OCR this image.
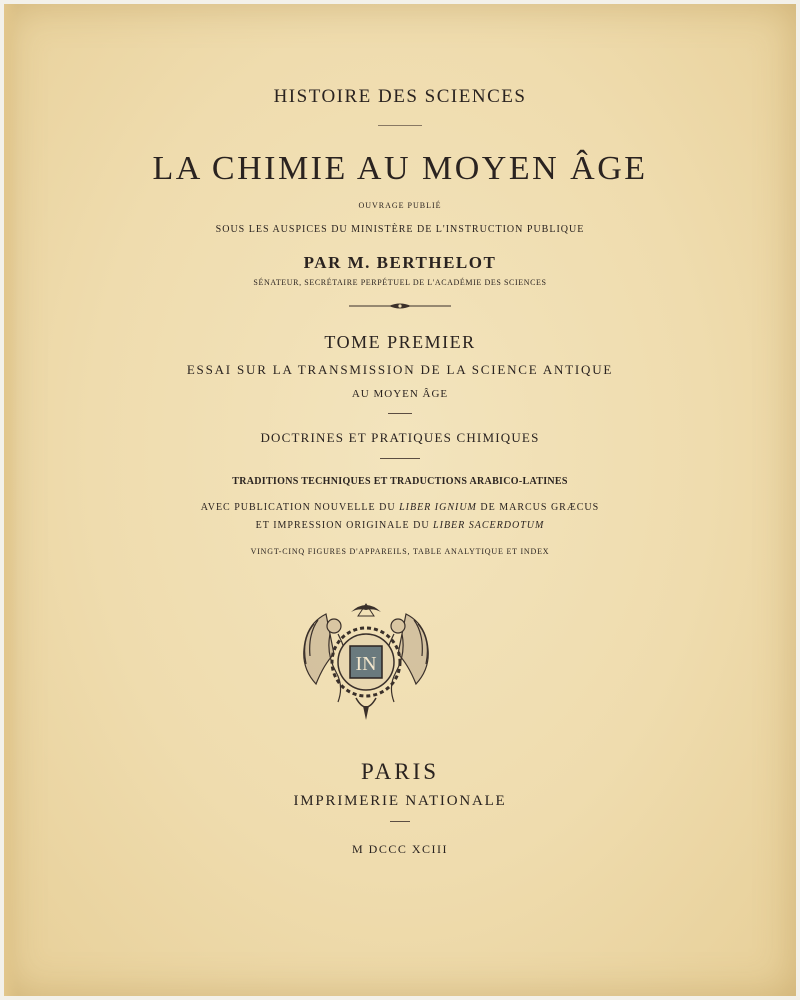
HISTOIRE DES SCIENCES
LA CHIMIE AU MOYEN ÂGE
OUVRAGE PUBLIÉ
SOUS LES AUSPICES DU MINISTÈRE DE L'INSTRUCTION PUBLIQUE
PAR M. BERTHELOT
SÉNATEUR, SECRÉTAIRE PERPÉTUEL DE L'ACADÉMIE DES SCIENCES
TOME PREMIER
ESSAI SUR LA TRANSMISSION DE LA SCIENCE ANTIQUE
AU MOYEN ÂGE
DOCTRINES ET PRATIQUES CHIMIQUES
TRADITIONS TECHNIQUES ET TRADUCTIONS ARABICO-LATINES
AVEC PUBLICATION NOUVELLE DU LIBER IGNIUM DE MARCUS GRÆCUS
ET IMPRESSION ORIGINALE DU LIBER SACERDOTUM
VINGT-CINQ FIGURES D'APPAREILS, TABLE ANALYTIQUE ET INDEX
IN
PARIS
IMPRIMERIE NATIONALE
M DCCC XCIII
